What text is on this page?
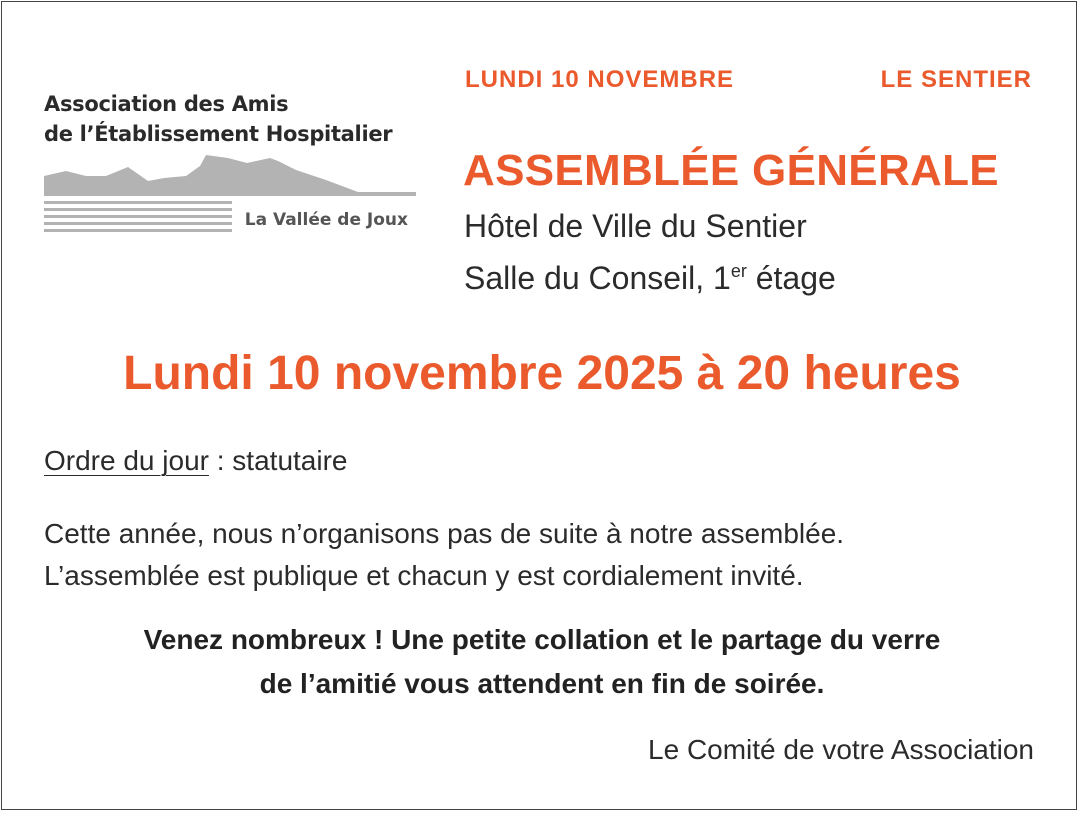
Association des Amis
de l’Établissement Hospitalier
La Vallée de Joux
LUNDI 10 NOVEMBRE	LE SENTIER
ASSEMBLÉE GÉNÉRALE
Hôtel de Ville du Sentier
Salle du Conseil, 1er étage
Lundi 10 novembre 2025 à 20 heures
Ordre du jour : statutaire
Cette année, nous n’organisons pas de suite à notre assemblée.
L’assemblée est publique et chacun y est cordialement invité.
Venez nombreux ! Une petite collation et le partage du verre
de l’amitié vous attendent en fin de soirée.
Le Comité de votre Association
